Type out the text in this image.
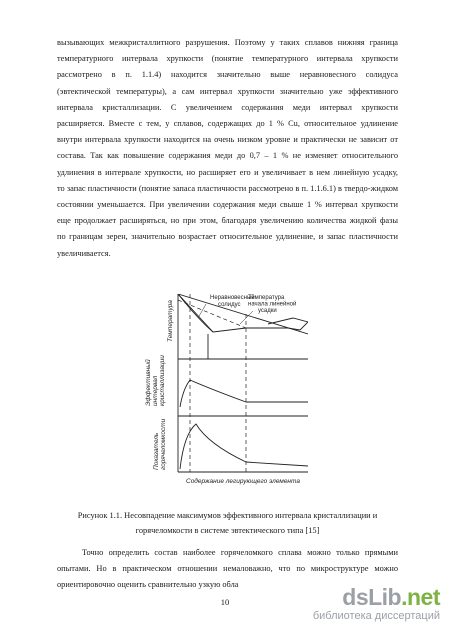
вызывающих межкристаллитного разрушения. Поэтому у таких сплавов нижняя граница
температурного интервала хрупкости (понятие температурного интервала хрупкости
рассмотрено в п. 1.1.4) находится значительно выше неравновесного солидуса
(эвтектической температуры), а сам интервал хрупкости значительно уже эффективного
интервала кристаллизации. С увеличением содержания меди интервал хрупкости
расширяется. Вместе с тем, у сплавов, содержащих до 1 % Cu, относительное удлинение
внутри интервала хрупкости находится на очень низком уровне и практически не зависит от
состава. Так как повышение содержания меди до 0,7 – 1 % не изменяет относительного
удлинения в интервале хрупкости, но расширяет его и увеличивает в нем линейную усадку,
то запас пластичности (понятие запаса пластичности рассмотрено в п. 1.1.6.1) в твердо-жидком
состоянии уменьшается. При увеличении содержания меди свыше 1 % интервал хрупкости
еще продолжает расширяться, но при этом, благодаря увеличению количества жидкой фазы
по границам зерен, значительно возрастает относительное удлинение, и запас пластичности
увеличивается.
Неравновесный солидус
Температура начала линейной усадки
Температура
Эффективныйинтервалкристаллизации
Показательгорячеломкости
Содержание легирующего элемента
Рисунок 1.1. Несовпадение максимумов эффективного интервала кристаллизации и
горячеломкости в системе эвтектического типа [15]
Точно определить состав наиболее горячеломкого сплава можно только прямыми
опытами. Но в практическом отношении немаловажно, что по микроструктуре можно
ориентировочно оценить сравнительно узкую обла
10	dsLib.net
библиотека диссертаций
